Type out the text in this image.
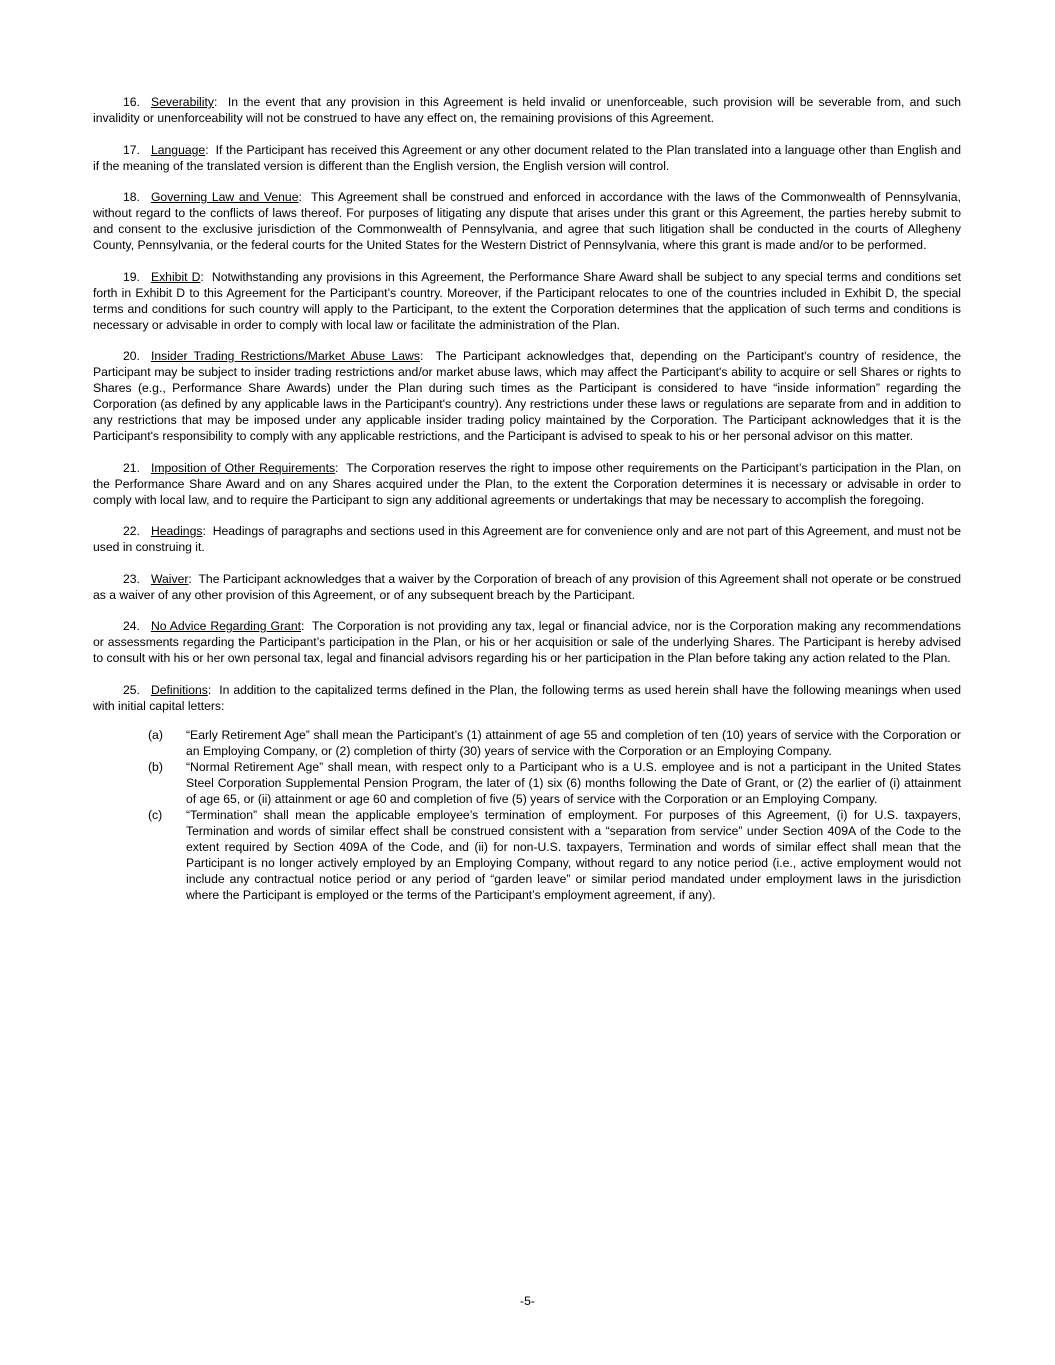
16. Severability:  In the event that any provision in this Agreement is held invalid or unenforceable, such provision will be severable from, and such invalidity or unenforceability will not be construed to have any effect on, the remaining provisions of this Agreement.

17. Language:  If the Participant has received this Agreement or any other document related to the Plan translated into a language other than English and if the meaning of the translated version is different than the English version, the English version will control.

18. Governing Law and Venue:  This Agreement shall be construed and enforced in accordance with the laws of the Commonwealth of Pennsylvania, without regard to the conflicts of laws thereof. For purposes of litigating any dispute that arises under this grant or this Agreement, the parties hereby submit to and consent to the exclusive jurisdiction of the Commonwealth of Pennsylvania, and agree that such litigation shall be conducted in the courts of Allegheny County, Pennsylvania, or the federal courts for the United States for the Western District of Pennsylvania, where this grant is made and/or to be performed.

19. Exhibit D:  Notwithstanding any provisions in this Agreement, the Performance Share Award shall be subject to any special terms and conditions set forth in Exhibit D to this Agreement for the Participant’s country. Moreover, if the Participant relocates to one of the countries included in Exhibit D, the special terms and conditions for such country will apply to the Participant, to the extent the Corporation determines that the application of such terms and conditions is necessary or advisable in order to comply with local law or facilitate the administration of the Plan.

20. Insider Trading Restrictions/Market Abuse Laws:  The Participant acknowledges that, depending on the Participant's country of residence, the Participant may be subject to insider trading restrictions and/or market abuse laws, which may affect the Participant's ability to acquire or sell Shares or rights to Shares (e.g., Performance Share Awards) under the Plan during such times as the Participant is considered to have “inside information” regarding the Corporation (as defined by any applicable laws in the Participant's country). Any restrictions under these laws or regulations are separate from and in addition to any restrictions that may be imposed under any applicable insider trading policy maintained by the Corporation. The Participant acknowledges that it is the Participant's responsibility to comply with any applicable restrictions, and the Participant is advised to speak to his or her personal advisor on this matter.

21. Imposition of Other Requirements:  The Corporation reserves the right to impose other requirements on the Participant’s participation in the Plan, on the Performance Share Award and on any Shares acquired under the Plan, to the extent the Corporation determines it is necessary or advisable in order to comply with local law, and to require the Participant to sign any additional agreements or undertakings that may be necessary to accomplish the foregoing.

22. Headings:  Headings of paragraphs and sections used in this Agreement are for convenience only and are not part of this Agreement, and must not be used in construing it.

23. Waiver:  The Participant acknowledges that a waiver by the Corporation of breach of any provision of this Agreement shall not operate or be construed as a waiver of any other provision of this Agreement, or of any subsequent breach by the Participant.

24. No Advice Regarding Grant:  The Corporation is not providing any tax, legal or financial advice, nor is the Corporation making any recommendations or assessments regarding the Participant’s participation in the Plan, or his or her acquisition or sale of the underlying Shares. The Participant is hereby advised to consult with his or her own personal tax, legal and financial advisors regarding his or her participation in the Plan before taking any action related to the Plan.

25. Definitions:  In addition to the capitalized terms defined in the Plan, the following terms as used herein shall have the following meanings when used with initial capital letters:

(a)	“Early Retirement Age” shall mean the Participant’s (1) attainment of age 55 and completion of ten (10) years of service with the Corporation or an Employing Company, or (2) completion of thirty (30) years of service with the Corporation or an Employing Company.
(b)	“Normal Retirement Age” shall mean, with respect only to a Participant who is a U.S. employee and is not a participant in the United States Steel Corporation Supplemental Pension Program, the later of (1) six (6) months following the Date of Grant, or (2) the earlier of (i) attainment of age 65, or (ii) attainment or age 60 and completion of five (5) years of service with the Corporation or an Employing Company.
(c)	“Termination” shall mean the applicable employee’s termination of employment. For purposes of this Agreement, (i) for U.S. taxpayers, Termination and words of similar effect shall be construed consistent with a “separation from service” under Section 409A of the Code to the extent required by Section 409A of the Code, and (ii) for non-U.S. taxpayers, Termination and words of similar effect shall mean that the Participant is no longer actively employed by an Employing Company, without regard to any notice period (i.e., active employment would not include any contractual notice period or any period of “garden leave” or similar period mandated under employment laws in the jurisdiction where the Participant is employed or the terms of the Participant’s employment agreement, if any).
-5-
